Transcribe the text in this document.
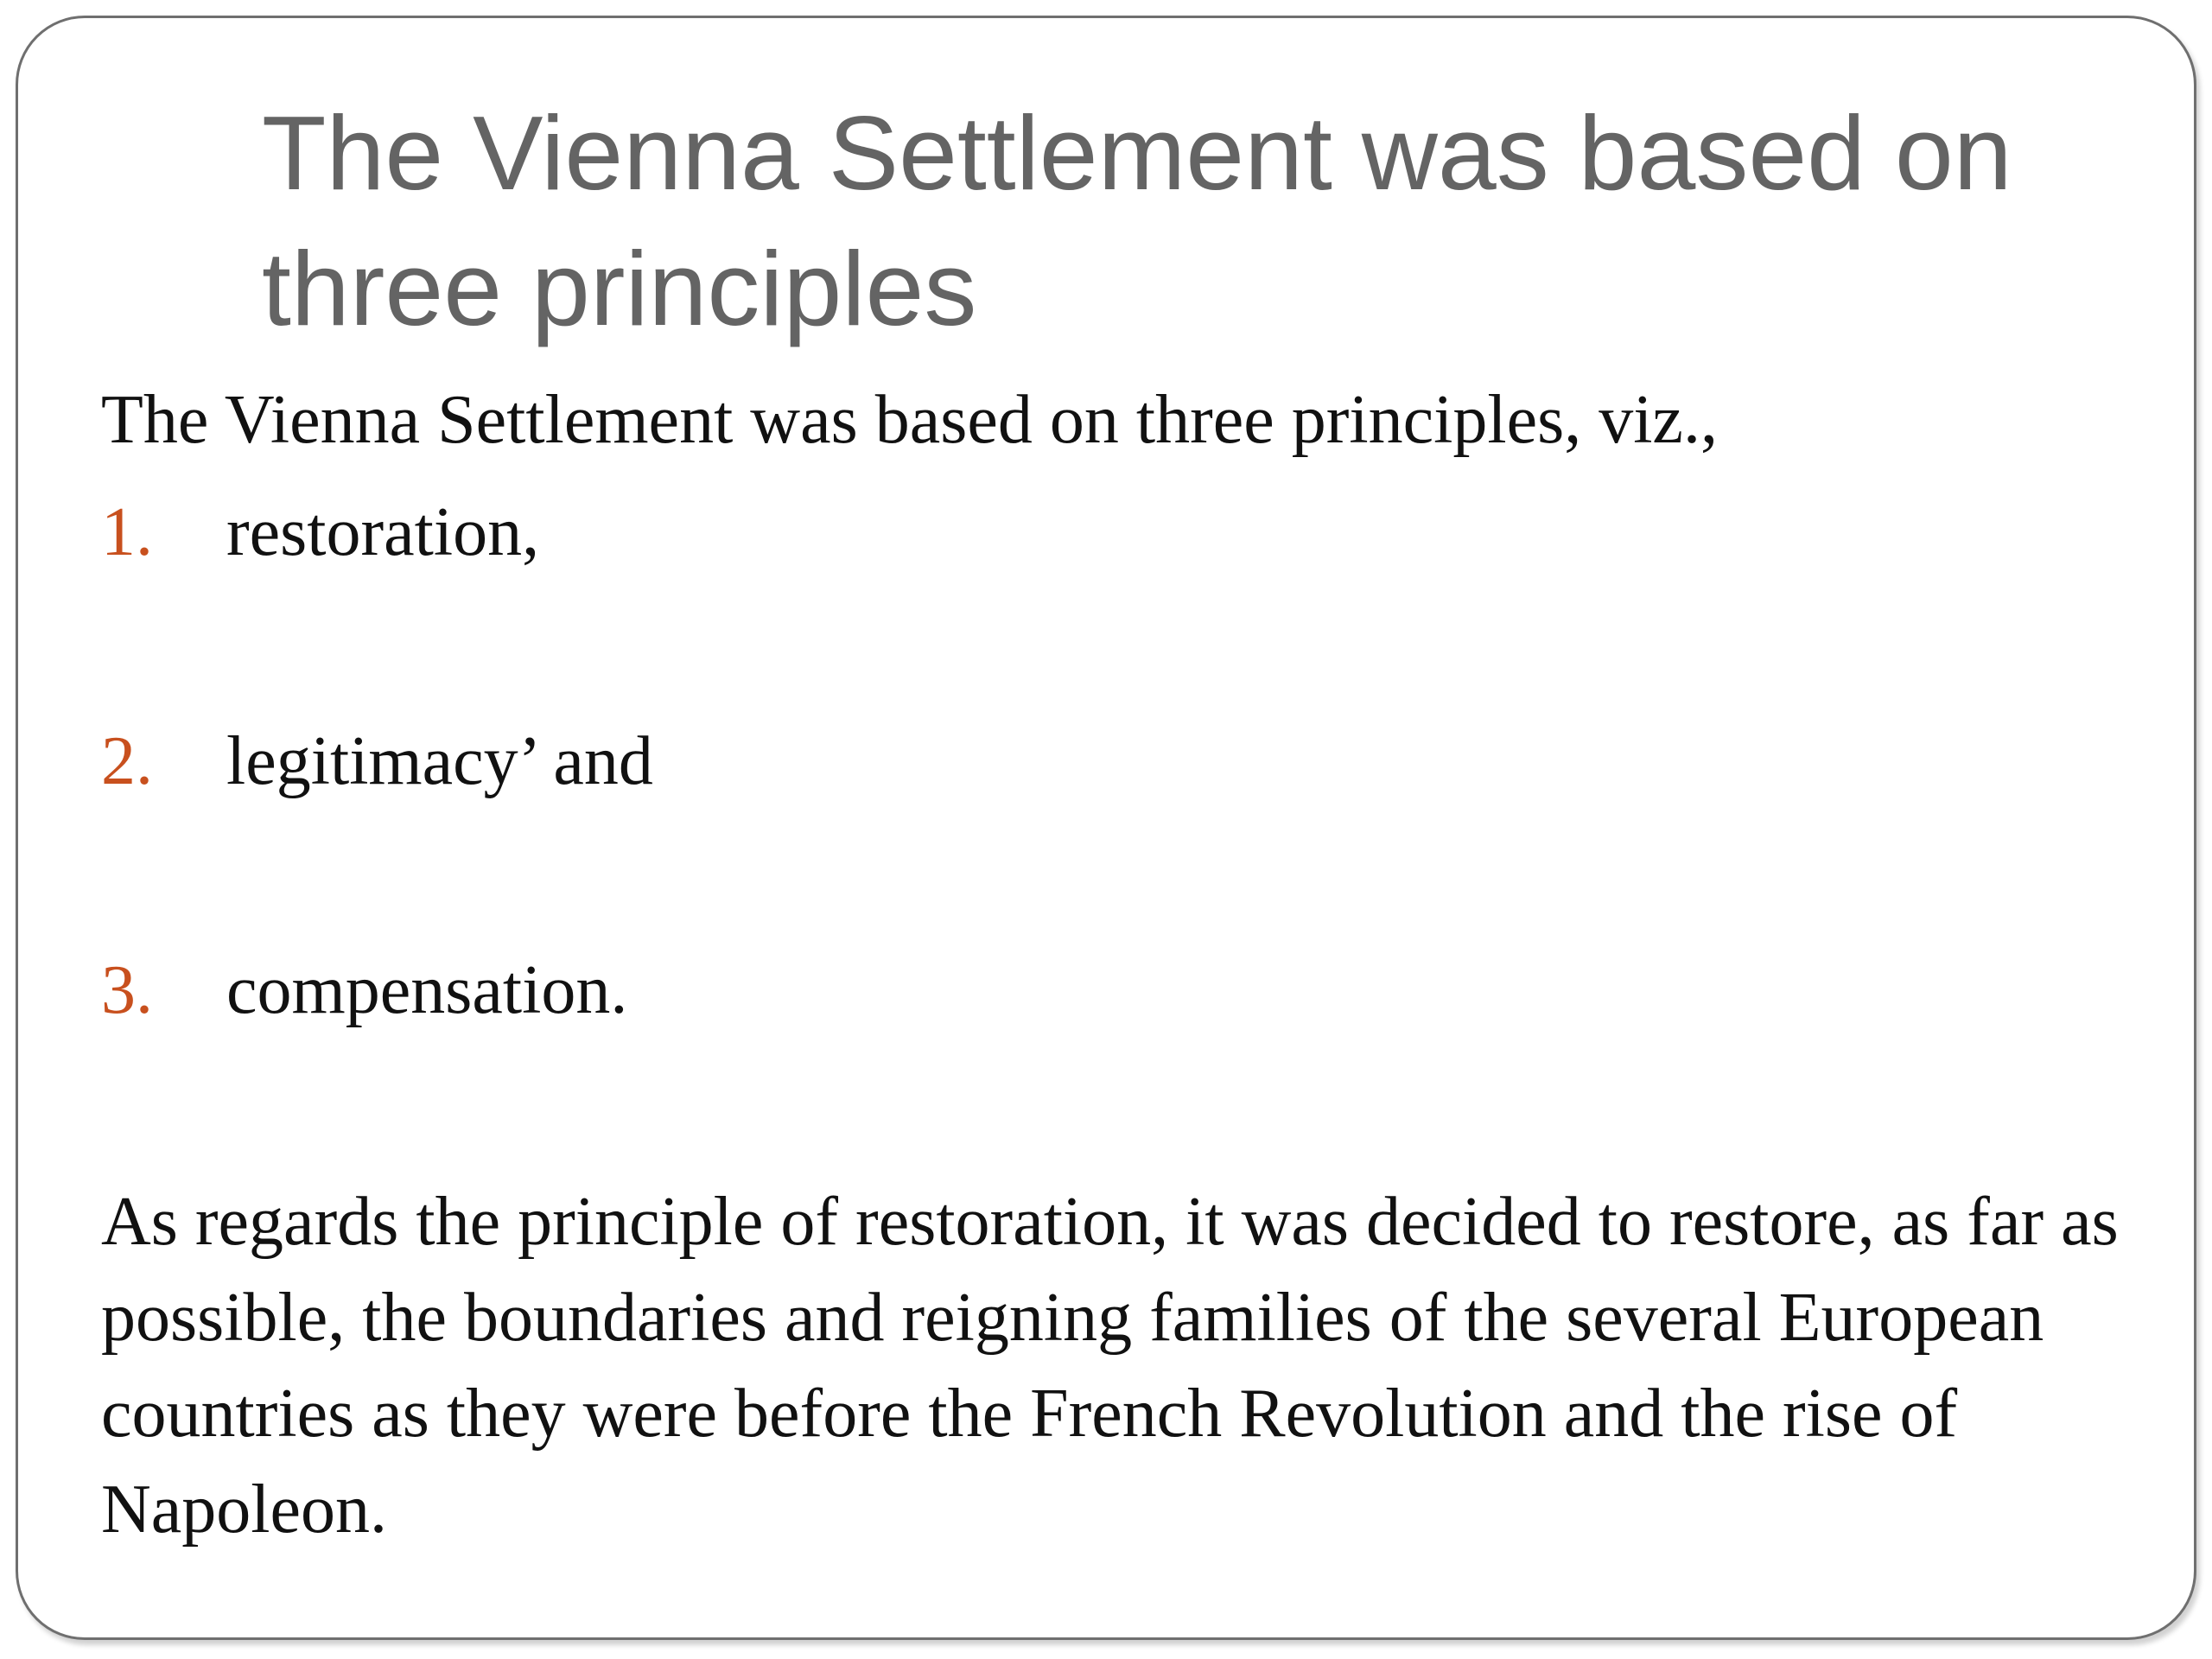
The Vienna Settlement was based on three principles

The Vienna Settlement was based on three principles, viz.,

1. restoration,
2. legitimacy’ and
3. compensation.

As regards the principle of restoration, it was decided to restore, as far as possible, the boundaries and reigning families of the several European countries as they were before the French Revolution and the rise of Napoleon.
